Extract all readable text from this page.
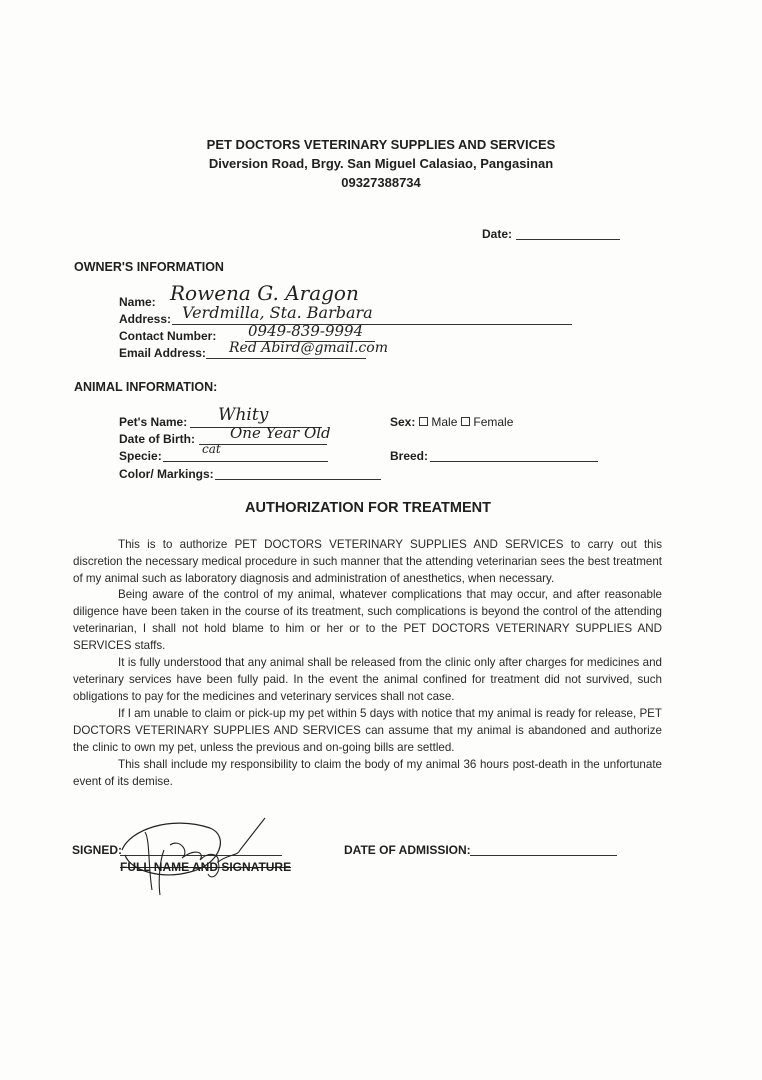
PET DOCTORS VETERINARY SUPPLIES AND SERVICES
Diversion Road, Brgy. San Miguel Calasiao, Pangasinan
09327388734
Date:
OWNER'S INFORMATION
Name: Rowena G. Aragon
Address: Verdmilla, Sta. Barbara
Contact Number: 0949-839-9994
Email Address: Red Abird@gmail.com
ANIMAL INFORMATION:
Pet's Name: Whity
Date of Birth: One Year Old
Specie:	cat
Color/ Markings:
Sex: Male Female
Breed:
AUTHORIZATION FOR TREATMENT

This is to authorize PET DOCTORS VETERINARY SUPPLIES AND SERVICES to carry out this discretion the necessary medical procedure in such manner that the attending veterinarian sees the best treatment of my animal such as laboratory diagnosis and administration of anesthetics, when necessary.

Being aware of the control of my animal, whatever complications that may occur, and after reasonable diligence have been taken in the course of its treatment, such complications is beyond the control of the attending veterinarian, I shall not hold blame to him or her or to the PET DOCTORS VETERINARY SUPPLIES AND SERVICES staffs.

It is fully understood that any animal shall be released from the clinic only after charges for medicines and veterinary services have been fully paid. In the event the animal confined for treatment did not survived, such obligations to pay for the medicines and veterinary services shall not case.

If I am unable to claim or pick-up my pet within 5 days with notice that my animal is ready for release, PET DOCTORS VETERINARY SUPPLIES AND SERVICES can assume that my animal is abandoned and authorize the clinic to own my pet, unless the previous and on-going bills are settled.

This shall include my responsibility to claim the body of my animal 36 hours post-death in the unfortunate event of its demise.

SIGNED:
FULL NAME AND SIGNATURE
DATE OF ADMISSION:
